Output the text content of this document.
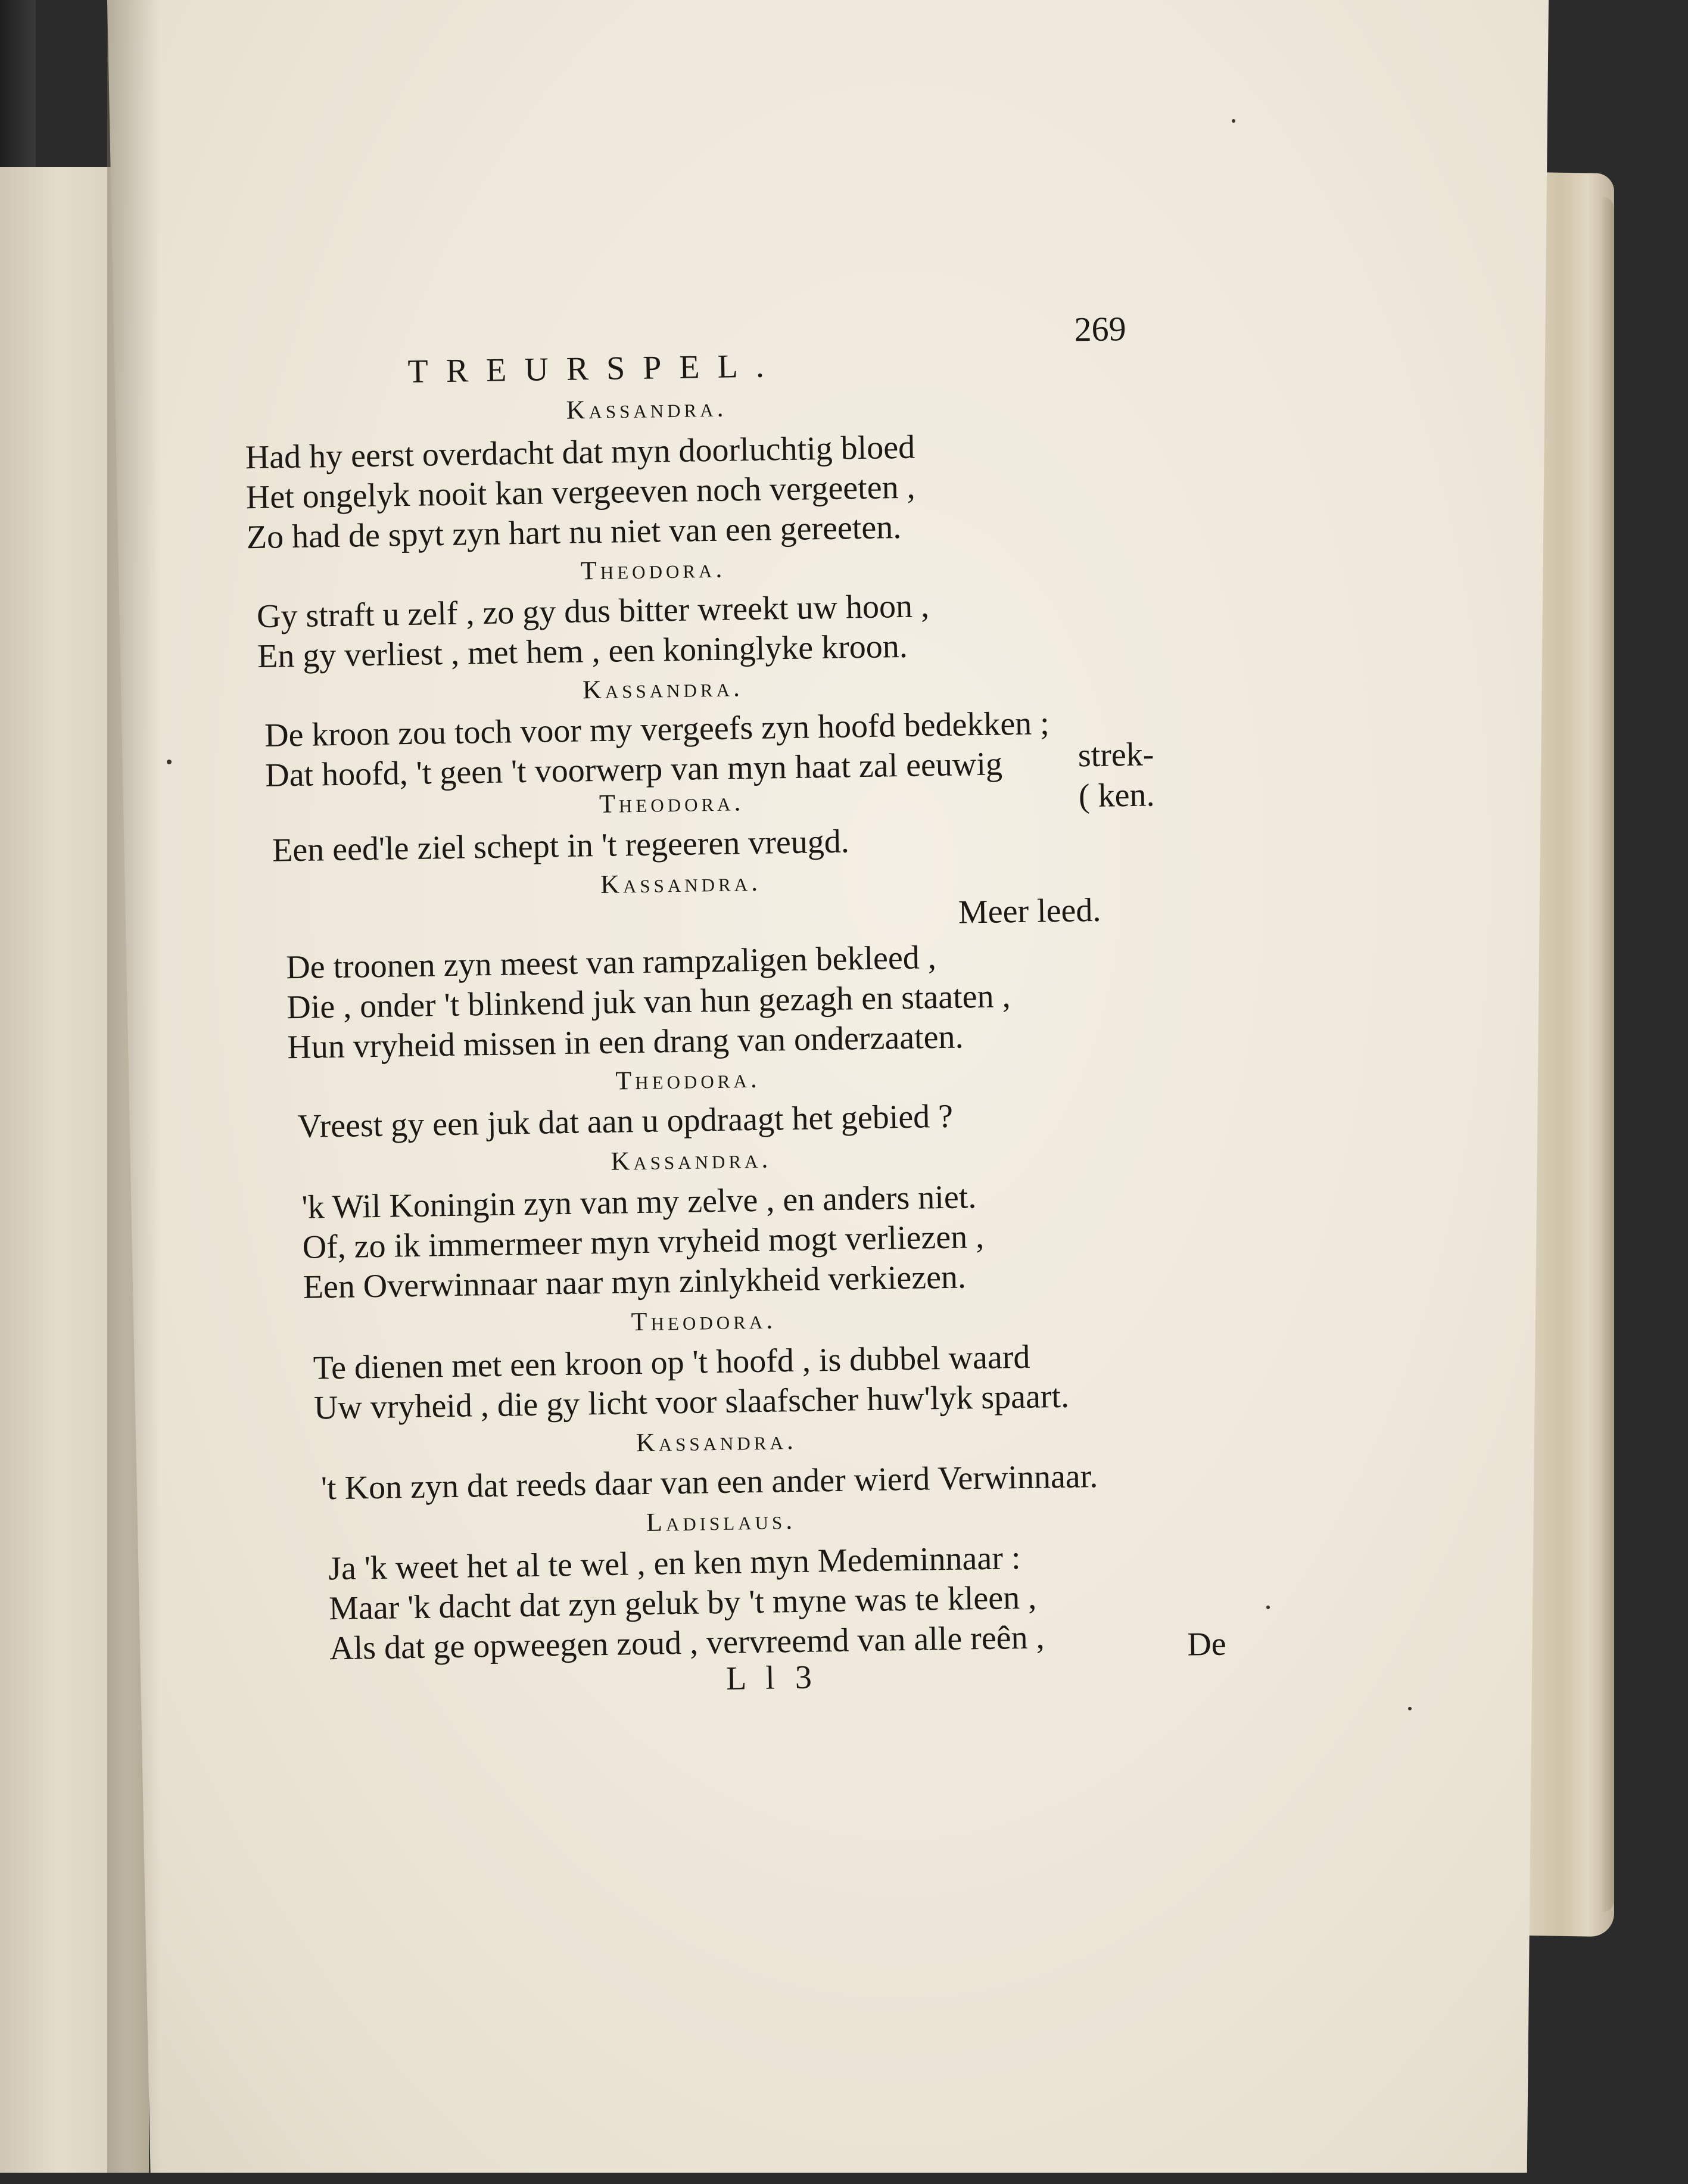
TREURSPEL.
269
Kassandra.
Had hy eerst overdacht dat myn doorluchtig bloed
Het ongelyk nooit kan vergeeven noch vergeeten ,
Zo had de spyt zyn hart nu niet van een gereeten.
Theodora.
Gy straft u zelf , zo gy dus bitter wreekt uw hoon ,
En gy verliest , met hem , een koninglyke kroon.
Kassandra.
De kroon zou toch voor my vergeefs zyn hoofd bedekken ;
Dat hoofd, 't geen 't voorwerp van myn haat zal eeuwig strek-
( ken.
Theodora.
Een eed'le ziel schept in 't regeeren vreugd.
Kassandra.
Meer leed.
De troonen zyn meest van rampzaligen bekleed ,
Die , onder 't blinkend juk van hun gezagh en staaten ,
Hun vryheid missen in een drang van onderzaaten.
Theodora.
Vreest gy een juk dat aan u opdraagt het gebied ?
Kassandra.
'k Wil Koningin zyn van my zelve , en anders niet.
Of, zo ik immermeer myn vryheid mogt verliezen ,
Een Overwinnaar naar myn zinlykheid verkiezen.
Theodora.
Te dienen met een kroon op 't hoofd , is dubbel waard
Uw vryheid , die gy licht voor slaafscher huw'lyk spaart.
Kassandra.
't Kon zyn dat reeds daar van een ander wierd Verwinnaar.
Ladislaus.
Ja 'k weet het al te wel , en ken myn Medeminnaar :
Maar 'k dacht dat zyn geluk by 't myne was te kleen ,
Als dat ge opweegen zoud , vervreemd van alle reên ,
L l 3
De
